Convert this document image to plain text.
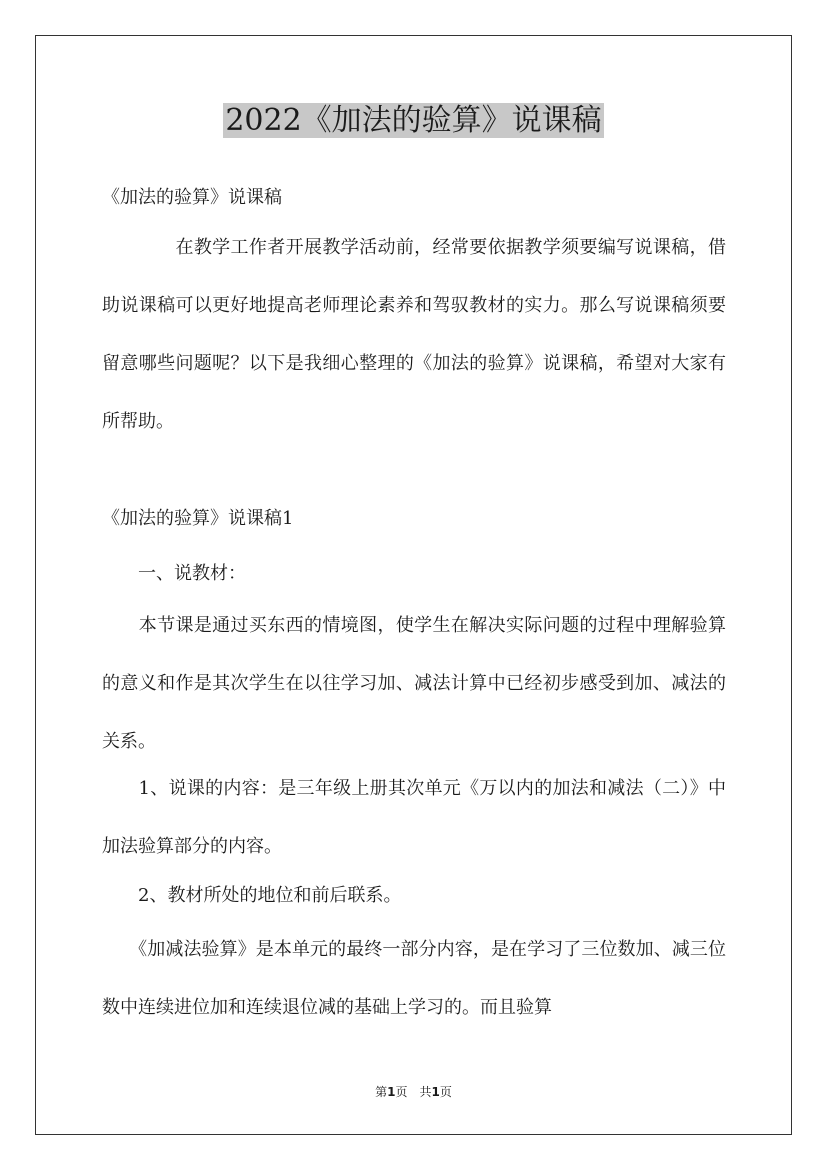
2022《加法的验算》说课稿

《加法的验算》说课稿

　　　　在教学工作者开展教学活动前，经常要依据教学须要编写说课稿，借助说课稿可以更好地提高老师理论素养和驾驭教材的实力。那么写说课稿须要留意哪些问题呢？以下是我细心整理的《加法的验算》说课稿，希望对大家有所帮助。

《加法的验算》说课稿1

　　一、说教材：

　　本节课是通过买东西的情境图，使学生在解决实际问题的过程中理解验算的意义和作是其次学生在以往学习加、减法计算中已经初步感受到加、减法的关系。

　　1、说课的内容：是三年级上册其次单元《万以内的加法和减法（二）》中加法验算部分的内容。

　　2、教材所处的地位和前后联系。

　　《加减法验算》是本单元的最终一部分内容，是在学习了三位数加、减三位数中连续进位加和连续退位减的基础上学习的。而且验算

第1页　共1页
